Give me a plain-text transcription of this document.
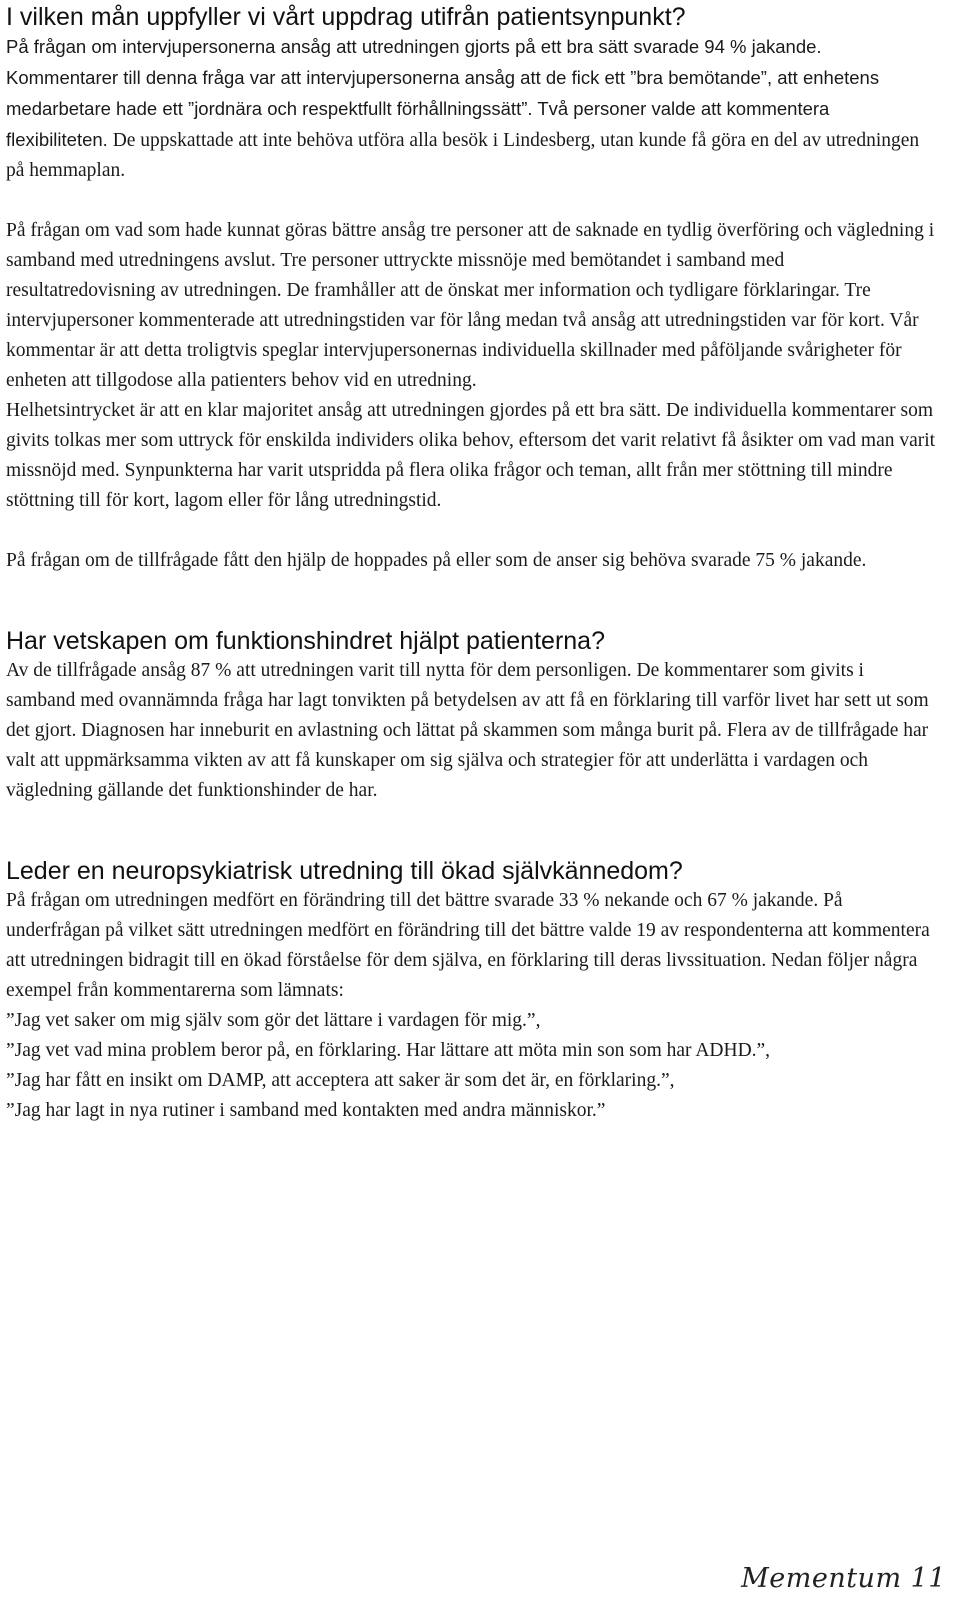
I vilken mån uppfyller vi vårt uppdrag utifrån patientsynpunkt?

På frågan om intervjupersonerna ansåg att utredningen gjorts på ett bra sätt svarade 94 % jakande. Kommentarer till denna fråga var att intervjupersonerna ansåg att de fick ett ”bra bemötande”, att enhetens medarbetare hade ett ”jordnära och respektfullt förhållningssätt”. Två personer valde att kommentera flexibiliteten. De uppskattade att inte behöva utföra alla besök i Lindesberg, utan kunde få göra en del av utredningen på hemmaplan.

På frågan om vad som hade kunnat göras bättre ansåg tre personer att de saknade en tydlig överföring och vägledning i samband med utredningens avslut. Tre personer uttryckte missnöje med bemötandet i samband med resultatredovisning av utredningen. De framhåller att de önskat mer information och tydligare förklaringar. Tre intervjupersoner kommenterade att utredningstiden var för lång medan två ansåg att utredningstiden var för kort. Vår kommentar är att detta troligtvis speglar intervjupersonernas individuella skillnader med påföljande svårigheter för enheten att tillgodose alla patienters behov vid en utredning.

Helhetsintrycket är att en klar majoritet ansåg att utredningen gjordes på ett bra sätt. De individuella kommentarer som givits tolkas mer som uttryck för enskilda individers olika behov, eftersom det varit relativt få åsikter om vad man varit missnöjd med. Synpunkterna har varit utspridda på flera olika frågor och teman, allt från mer stöttning till mindre stöttning till för kort, lagom eller för lång utredningstid.

På frågan om de tillfrågade fått den hjälp de hoppades på eller som de anser sig behöva svarade 75 % jakande.

Har vetskapen om funktionshindret hjälpt patienterna?

Av de tillfrågade ansåg 87 % att utredningen varit till nytta för dem personligen. De kommentarer som givits i samband med ovannämnda fråga har lagt tonvikten på betydelsen av att få en förklaring till varför livet har sett ut som det gjort. Diagnosen har inneburit en avlastning och lättat på skammen som många burit på. Flera av de tillfrågade har valt att uppmärksamma vikten av att få kunskaper om sig själva och strategier för att underlätta i vardagen och vägledning gällande det funktionshinder de har.

Leder en neuropsykiatrisk utredning till ökad självkännedom?

På frågan om utredningen medfört en förändring till det bättre svarade 33 % nekande och 67 % jakande. På underfrågan på vilket sätt utredningen medfört en förändring till det bättre valde 19 av respondenterna att kommentera att utredningen bidragit till en ökad förståelse för dem själva, en förklaring till deras livssituation. Nedan följer några exempel från kommentarerna som lämnats:

”Jag vet saker om mig själv som gör det lättare i vardagen för mig.”,

”Jag vet vad mina problem beror på, en förklaring. Har lättare att möta min son som har ADHD.”,

”Jag har fått en insikt om DAMP, att acceptera att saker är som det är, en förklaring.”,

”Jag har lagt in nya rutiner i samband med kontakten med andra människor.”

Mementum 11
